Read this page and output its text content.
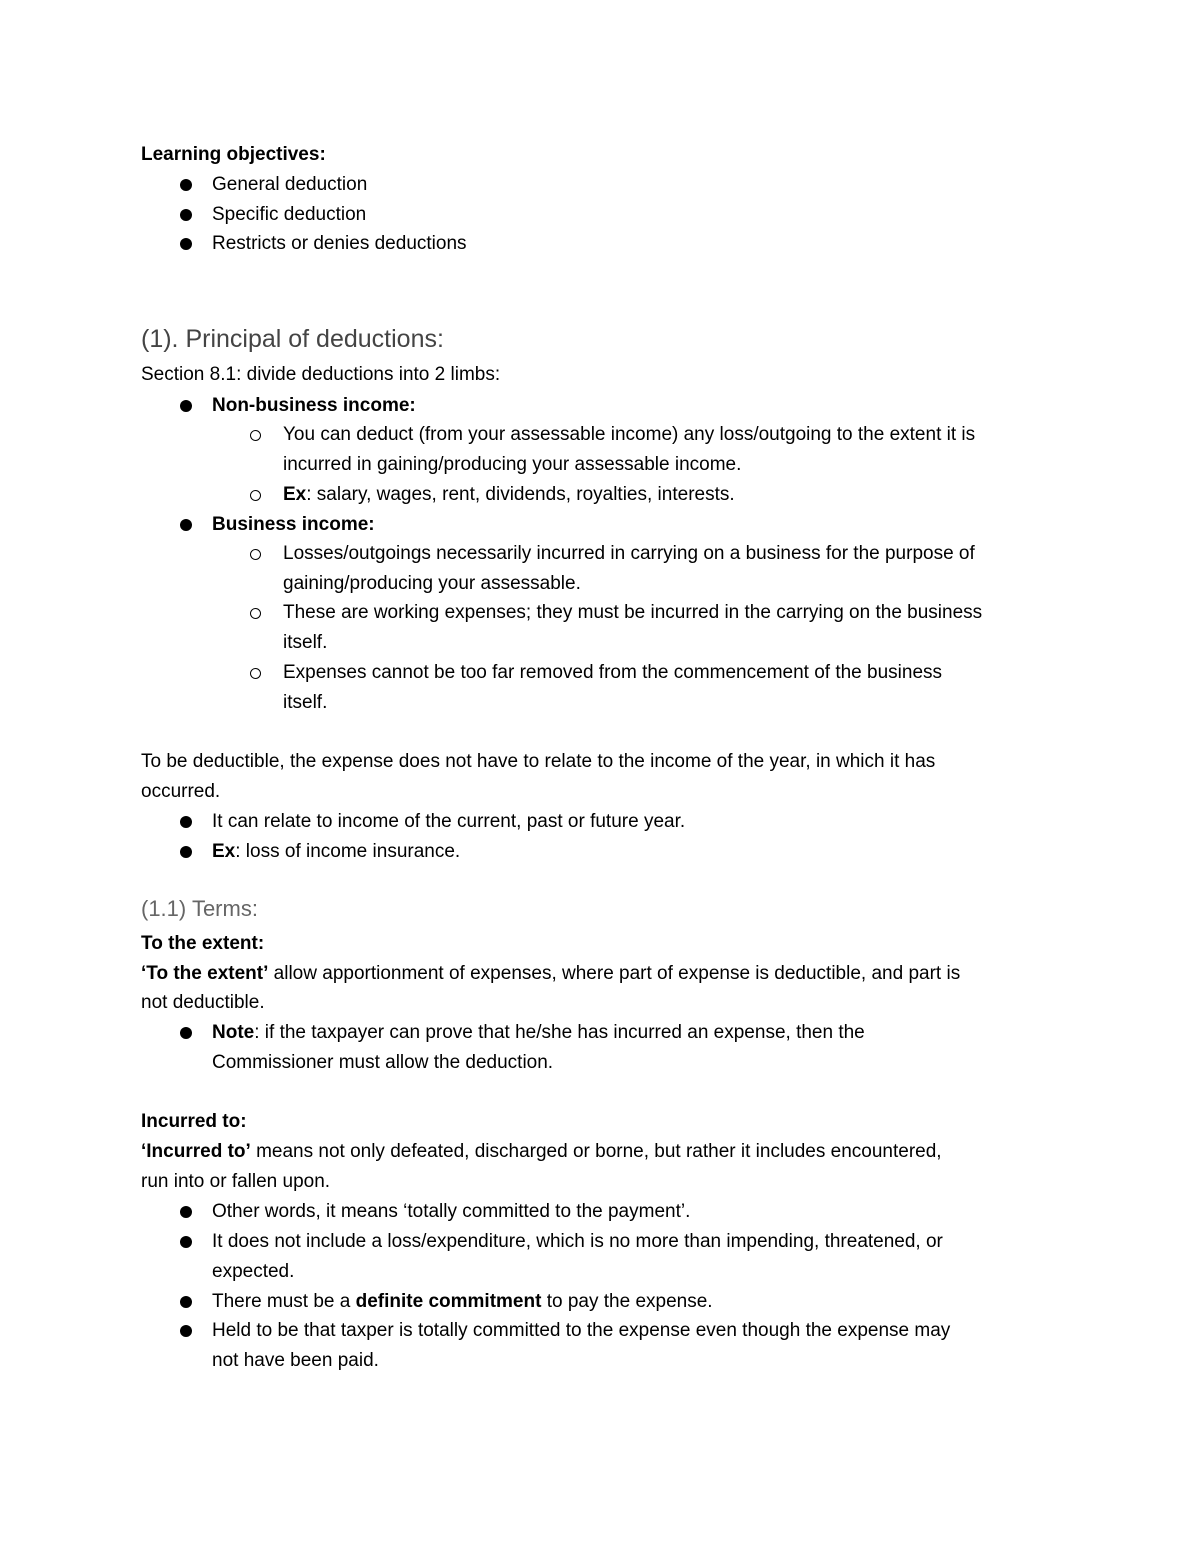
Learning objectives:
General deduction
Specific deduction
Restricts or denies deductions
(1). Principal of deductions:
Section 8.1: divide deductions into 2 limbs:
Non-business income:
You can deduct (from your assessable income) any loss/outgoing to the extent it is
incurred in gaining/producing your assessable income.
Ex: salary, wages, rent, dividends, royalties, interests.
Business income:
Losses/outgoings necessarily incurred in carrying on a business for the purpose of
gaining/producing your assessable.
These are working expenses; they must be incurred in the carrying on the business
itself.
Expenses cannot be too far removed from the commencement of the business
itself.
To be deductible, the expense does not have to relate to the income of the year, in which it has
occurred.
It can relate to income of the current, past or future year.
Ex: loss of income insurance.
(1.1) Terms:
To the extent:
‘To the extent’ allow apportionment of expenses, where part of expense is deductible, and part is
not deductible.
Note: if the taxpayer can prove that he/she has incurred an expense, then the
Commissioner must allow the deduction.
Incurred to:
‘Incurred to’ means not only defeated, discharged or borne, but rather it includes encountered,
run into or fallen upon.
Other words, it means ‘totally committed to the payment’.
It does not include a loss/expenditure, which is no more than impending, threatened, or
expected.
There must be a definite commitment to pay the expense.
Held to be that taxper is totally committed to the expense even though the expense may
not have been paid.
